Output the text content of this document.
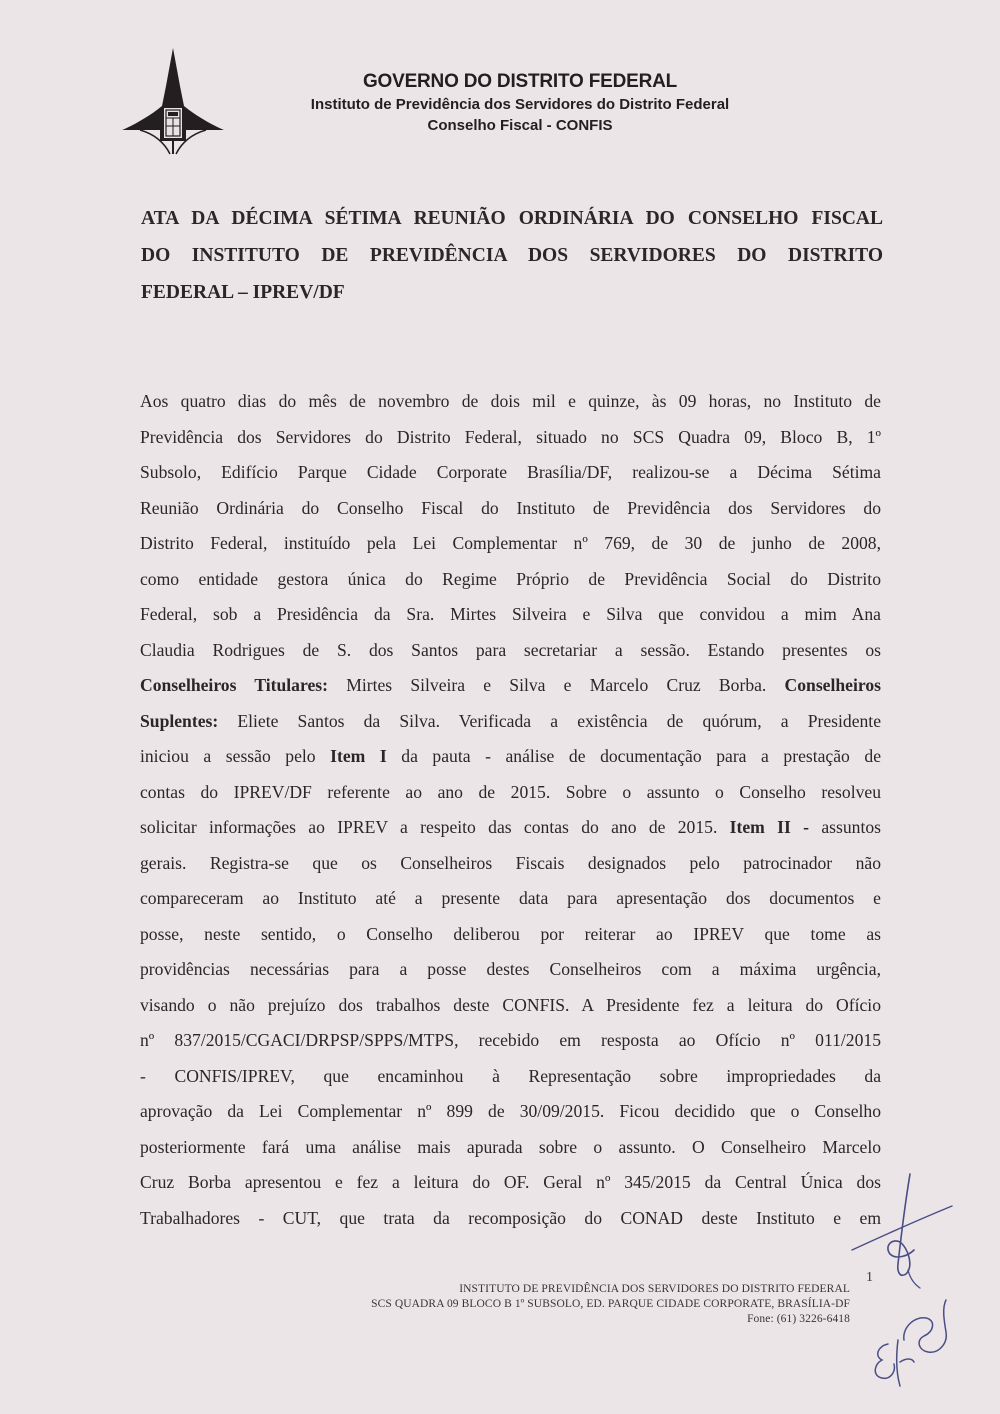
GOVERNO DO DISTRITO FEDERAL
Instituto de Previdência dos Servidores do Distrito Federal
Conselho Fiscal - CONFIS
ATA DA DÉCIMA SÉTIMA REUNIÃO ORDINÁRIA DO CONSELHO FISCAL
DO INSTITUTO DE PREVIDÊNCIA DOS SERVIDORES DO DISTRITO
FEDERAL – IPREV/DF
Aos quatro dias do mês de novembro de dois mil e quinze, às 09 horas, no Instituto de
Previdência dos Servidores do Distrito Federal, situado no SCS Quadra 09, Bloco B, 1º
Subsolo, Edifício Parque Cidade Corporate Brasília/DF, realizou-se a Décima Sétima
Reunião Ordinária do Conselho Fiscal do Instituto de Previdência dos Servidores do
Distrito Federal, instituído pela Lei Complementar nº 769, de 30 de junho de 2008,
como entidade gestora única do Regime Próprio de Previdência Social do Distrito
Federal, sob a Presidência da Sra. Mirtes Silveira e Silva que convidou a mim Ana
Claudia Rodrigues de S. dos Santos para secretariar a sessão. Estando presentes os
Conselheiros Titulares: Mirtes Silveira e Silva e Marcelo Cruz Borba. Conselheiros
Suplentes: Eliete Santos da Silva. Verificada a existência de quórum, a Presidente
iniciou a sessão pelo Item I da pauta - análise de documentação para a prestação de
contas do IPREV/DF referente ao ano de 2015. Sobre o assunto o Conselho resolveu
solicitar informações ao IPREV a respeito das contas do ano de 2015. Item II - assuntos
gerais. Registra-se que os Conselheiros Fiscais designados pelo patrocinador não
compareceram ao Instituto até a presente data para apresentação dos documentos e
posse, neste sentido, o Conselho deliberou por reiterar ao IPREV que tome as
providências necessárias para a posse destes Conselheiros com a máxima urgência,
visando o não prejuízo dos trabalhos deste CONFIS. A Presidente fez a leitura do Ofício
nº 837/2015/CGACI/DRPSP/SPPS/MTPS, recebido em resposta ao Ofício nº 011/2015
- CONFIS/IPREV, que encaminhou à Representação sobre impropriedades da
aprovação da Lei Complementar nº 899 de 30/09/2015. Ficou decidido que o Conselho
posteriormente fará uma análise mais apurada sobre o assunto. O Conselheiro Marcelo
Cruz Borba apresentou e fez a leitura do OF. Geral nº 345/2015 da Central Única dos
Trabalhadores - CUT, que trata da recomposição do CONAD deste Instituto e em
1
INSTITUTO DE PREVIDÊNCIA DOS SERVIDORES DO DISTRITO FEDERAL
SCS QUADRA 09 BLOCO B 1º SUBSOLO, ED. PARQUE CIDADE CORPORATE, BRASÍLIA-DF
Fone: (61) 3226-6418
